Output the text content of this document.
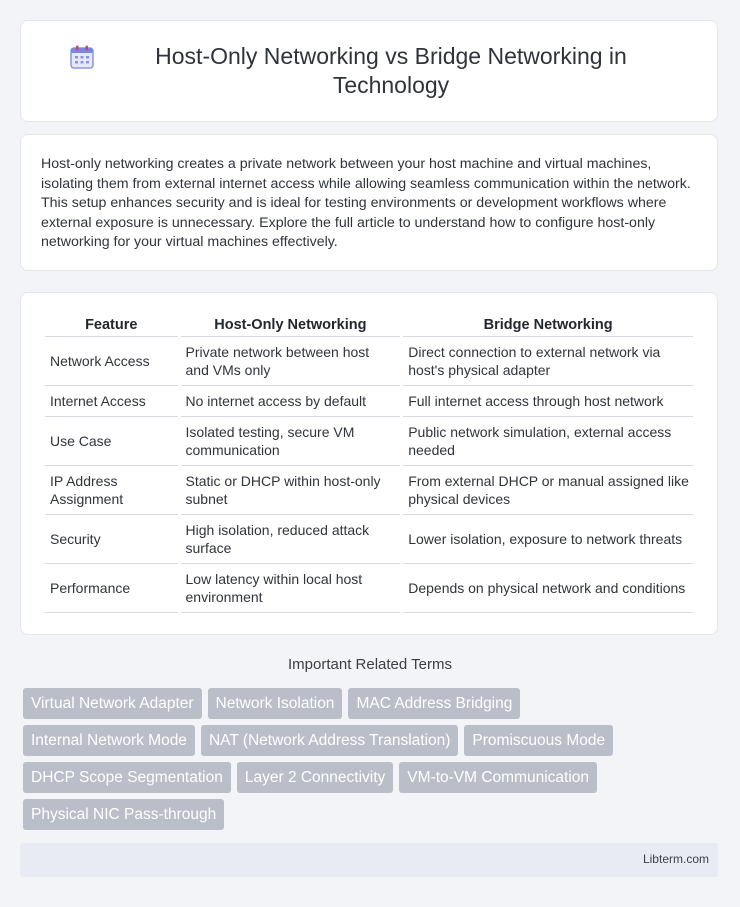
Host-Only Networking vs Bridge Networking in Technology

Host-only networking creates a private network between your host machine and virtual machines, isolating them from external internet access while allowing seamless communication within the network. This setup enhances security and is ideal for testing environments or development workflows where external exposure is unnecessary. Explore the full article to understand how to configure host-only networking for your virtual machines effectively.

Feature	Host-Only Networking	Bridge Networking
Network Access	Private network between host and VMs only	Direct connection to external network via host's physical adapter
Internet Access	No internet access by default	Full internet access through host network
Use Case	Isolated testing, secure VM communication	Public network simulation, external access needed
IP Address Assignment	Static or DHCP within host-only subnet	From external DHCP or manual assigned like physical devices
Security	High isolation, reduced attack surface	Lower isolation, exposure to network threats
Performance	Low latency within local host environment	Depends on physical network and conditions
Important Related Terms
Virtual Network Adapter	Network Isolation	MAC Address Bridging
Internal Network Mode	NAT (Network Address Translation)	Promiscuous Mode
DHCP Scope Segmentation	Layer 2 Connectivity	VM-to-VM Communication
Physical NIC Pass-through
Libterm.com
